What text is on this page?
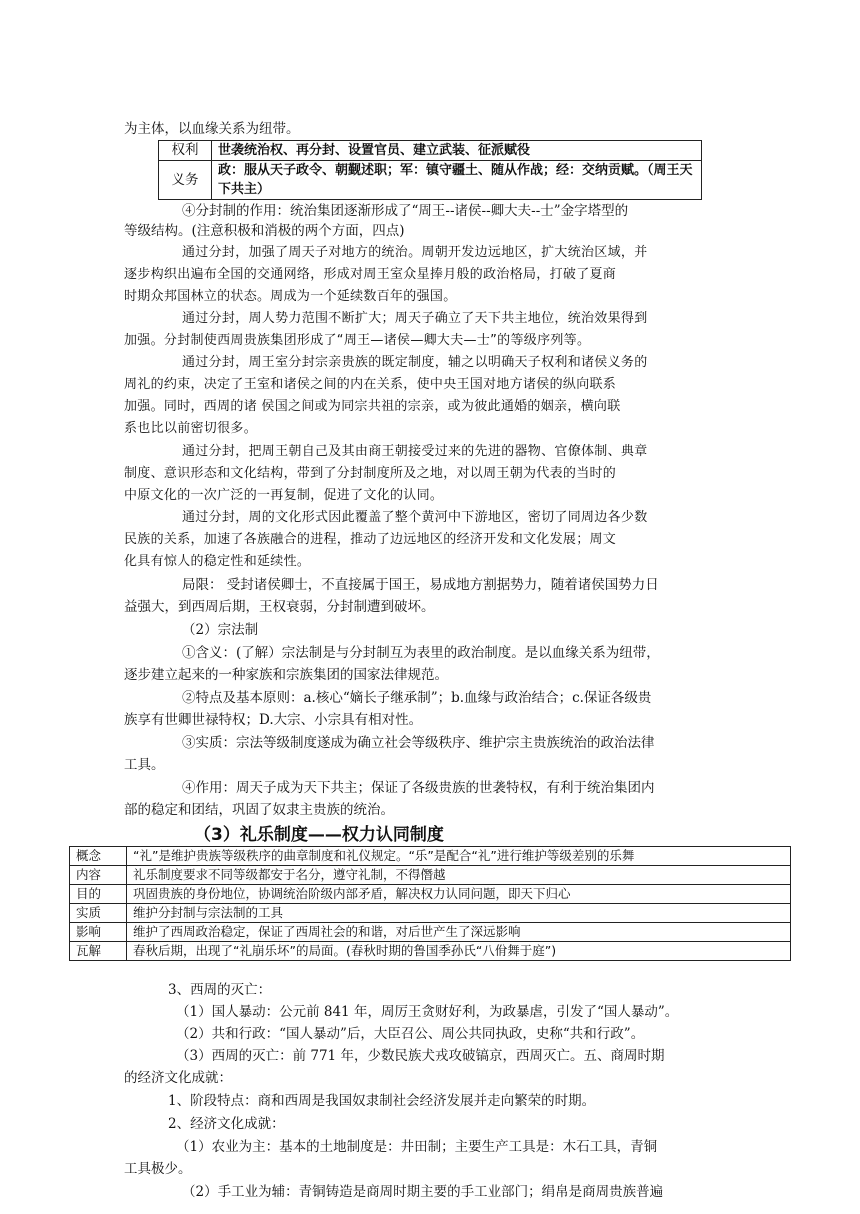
为主体，以血缘关系为纽带。
权利	世袭统治权、再分封、设置官员、建立武装、征派赋役
义务	政：服从天子政令、朝觐述职；军：镇守疆土、随从作战；经：交纳贡赋。（周王天下共主）
④分封制的作用：统治集团逐渐形成了“周王--诸侯--卿大夫--士”金字塔型的
等级结构。(注意积极和消极的两个方面，四点)
通过分封，加强了周天子对地方的统治。周朝开发边远地区，扩大统治区域，并
逐步构织出遍布全国的交通网络，形成对周王室众星捧月般的政治格局，打破了夏商
时期众邦国林立的状态。周成为一个延续数百年的强国。
通过分封，周人势力范围不断扩大；周天子确立了天下共主地位，统治效果得到
加强。分封制使西周贵族集团形成了“周王—诸侯—卿大夫—士”的等级序列等。
通过分封，周王室分封宗亲贵族的既定制度，辅之以明确天子权利和诸侯义务的
周礼的约束，决定了王室和诸侯之间的内在关系，使中央王国对地方诸侯的纵向联系
加强。同时，西周的诸 侯国之间或为同宗共祖的宗亲，或为彼此通婚的姻亲，横向联
系也比以前密切很多。
通过分封，把周王朝自己及其由商王朝接受过来的先进的器物、官僚体制、典章
制度、意识形态和文化结构，带到了分封制度所及之地，对以周王朝为代表的当时的
中原文化的一次广泛的一再复制，促进了文化的认同。
通过分封，周的文化形式因此覆盖了整个黄河中下游地区，密切了同周边各少数
民族的关系，加速了各族融合的进程，推动了边远地区的经济开发和文化发展；周文
化具有惊人的稳定性和延续性。
局限： 受封诸侯卿士，不直接属于国王，易成地方割据势力，随着诸侯国势力日
益强大，到西周后期，王权衰弱，分封制遭到破坏。
（2）宗法制
①含义：(了解）宗法制是与分封制互为表里的政治制度。是以血缘关系为纽带，
逐步建立起来的一种家族和宗族集团的国家法律规范。
②特点及基本原则：a.核心“嫡长子继承制”；b.血缘与政治结合；c.保证各级贵
族享有世卿世禄特权；D.大宗、小宗具有相对性。
③实质：宗法等级制度遂成为确立社会等级秩序、维护宗主贵族统治的政治法律
工具。
④作用：周天子成为天下共主；保证了各级贵族的世袭特权，有利于统治集团内
部的稳定和团结，巩固了奴隶主贵族的统治。
（3）礼乐制度——权力认同制度
概念	“礼”是维护贵族等级秩序的曲章制度和礼仪规定。“乐”是配合“礼”进行维护等级差别的乐舞
内容	礼乐制度要求不同等级都安于名分，遵守礼制，不得僭越
目的	巩固贵族的身份地位，协调统治阶级内部矛盾，解决权力认同问题，即天下归心
实质	维护分封制与宗法制的工具
影响	维护了西周政治稳定，保证了西周社会的和谐，对后世产生了深远影响
瓦解	春秋后期，出现了“礼崩乐坏”的局面。(春秋时期的鲁国季孙氏“八佾舞于庭”)
3、西周的灭亡：
（1）国人暴动：公元前 841 年，周厉王贪财好利，为政暴虐，引发了“国人暴动”。
（2）共和行政：“国人暴动”后，大臣召公、周公共同执政，史称“共和行政”。
（3）西周的灭亡：前 771 年，少数民族犬戎攻破镐京，西周灭亡。五、商周时期
的经济文化成就：
1、阶段特点：商和西周是我国奴隶制社会经济发展并走向繁荣的时期。
2、经济文化成就：
（1）农业为主：基本的土地制度是：井田制；主要生产工具是：木石工具，青铜
工具极少。
（2）手工业为辅：青铜铸造是商周时期主要的手工业部门；绢帛是商周贵族普遍
